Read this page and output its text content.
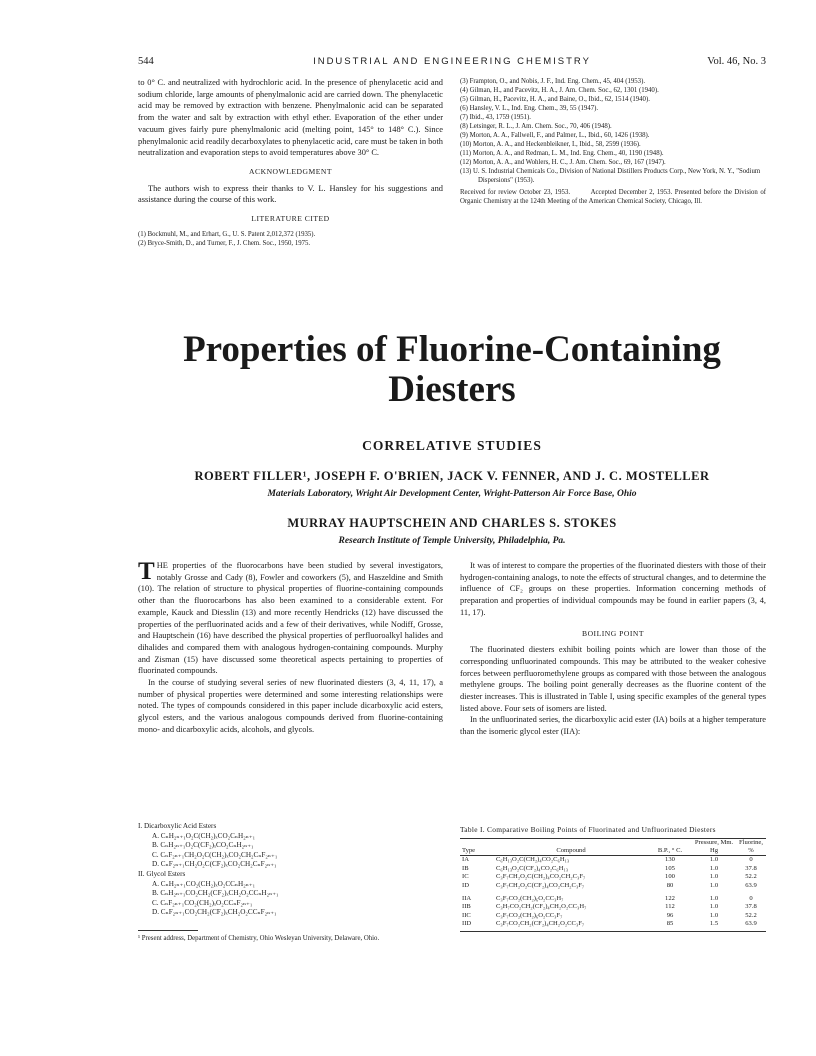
544	INDUSTRIAL AND ENGINEERING CHEMISTRY	Vol. 46, No. 3

to 0° C. and neutralized with hydrochloric acid. In the presence of phenylacetic acid and sodium chloride, large amounts of phenylmalonic acid are carried down. The phenylacetic acid may be removed by extraction with benzene. Phenylmalonic acid can be separated from the water and salt by extraction with ethyl ether. Evaporation of the ether under vacuum gives fairly pure phenylmalonic acid (melting point, 145° to 148° C.). Since phenylmalonic acid readily decarboxylates to phenylacetic acid, care must be taken in both neutralization and evaporation steps to avoid temperatures above 30° C.

ACKNOWLEDGMENT

The authors wish to express their thanks to V. L. Hansley for his suggestions and assistance during the course of this work.

LITERATURE CITED

(1) Bockmuhl, M., and Erhart, G., U. S. Patent 2,012,372 (1935).

(2) Bryce-Smith, D., and Turner, F., J. Chem. Soc., 1950, 1975.

(3) Frampton, O., and Nobis, J. F., Ind. Eng. Chem., 45, 404 (1953).

(4) Gilman, H., and Pacevitz, H. A., J. Am. Chem. Soc., 62, 1301 (1940).

(5) Gilman, H., Pacevitz, H. A., and Baine, O., Ibid., 62, 1514 (1940).

(6) Hansley, V. L., Ind. Eng. Chem., 39, 55 (1947).

(7) Ibid., 43, 1759 (1951).

(8) Letsinger, R. L., J. Am. Chem. Soc., 70, 406 (1948).

(9) Morton, A. A., Fallwell, F., and Palmer, L., Ibid., 60, 1426 (1938).

(10) Morton, A. A., and Heckenbleikner, I., Ibid., 58, 2599 (1936).

(11) Morton, A. A., and Redman, L. M., Ind. Eng. Chem., 40, 1190 (1948).

(12) Morton, A. A., and Wohlers, H. C., J. Am. Chem. Soc., 69, 167 (1947).

(13) U. S. Industrial Chemicals Co., Division of National Distillers Products Corp., New York, N. Y., "Sodium Dispersions" (1953).

Received for review October 23, 1953.	Accepted December 2, 1953. Presented before the Division of Organic Chemistry at the 124th Meeting of the American Chemical Society, Chicago, Ill.

Properties of Fluorine-Containing
Diesters
CORRELATIVE STUDIES
ROBERT FILLER¹, JOSEPH F. O'BRIEN, JACK V. FENNER, AND J. C. MOSTELLER
Materials Laboratory, Wright Air Development Center, Wright-Patterson Air Force Base, Ohio
MURRAY HAUPTSCHEIN AND CHARLES S. STOKES
Research Institute of Temple University, Philadelphia, Pa.

THE properties of the fluorocarbons have been studied by several investigators, notably Grosse and Cady (8), Fowler and coworkers (5), and Haszeldine and Smith (10). The relation of structure to physical properties of fluorine-containing compounds other than the fluorocarbons has also been examined to a considerable extent. For example, Kauck and Diesslin (13) and more recently Hendricks (12) have discussed the properties of the perfluorinated acids and a few of their derivatives, while Nodiff, Grosse, and Hauptschein (16) have described the physical properties of perfluoroalkyl halides and dihalides and compared them with analogous hydrogen-containing compounds. Murphy and Zisman (15) have discussed some theoretical aspects pertaining to properties of fluorinated compounds.

In the course of studying several series of new fluorinated diesters (3, 4, 11, 17), a number of physical properties were determined and some interesting relationships were noted. The types of compounds considered in this paper include dicarboxylic acid esters, glycol esters, and the various analogous compounds derived from fluorine-containing mono- and dicarboxylic acids, alcohols, and glycols.

It was of interest to compare the properties of the fluorinated diesters with those of their hydrogen-containing analogs, to note the effects of structural changes, and to determine the influence of CF₂ groups on these properties. Information concerning methods of preparation and properties of individual compounds may be found in earlier papers (3, 4, 11, 17).

BOILING POINT

The fluorinated diesters exhibit boiling points which are lower than those of the corresponding unfluorinated compounds. This may be attributed to the weaker cohesive forces between perfluoromethylene groups as compared with those between the analogous methylene groups. The boiling point generally decreases as the fluorine content of the diester increases. This is illustrated in Table I, using specific examples of the general types listed above. Four sets of isomers are listed.

In the unfluorinated series, the dicarboxylic acid ester (IA) boils at a higher temperature than the isomeric glycol ester (IIA):

I. Dicarboxylic Acid Esters
A. CₙH₂ₙ₊₁O₂C(CH₂)ₓCO₂CₙH₂ₙ₊₁
B. CₙH₂ₙ₊₁O₂C(CF₂)ₓCO₂CₙH₂ₙ₊₁
C. CₙF₂ₙ₊₁CH₂O₂C(CH₂)ₓCO₂CH₂CₙF₂ₙ₊₁
D. CₙF₂ₙ₊₁CH₂O₂C(CF₂)ₓCO₂CH₂CₙF₂ₙ₊₁
II. Glycol Esters
A. CₙH₂ₙ₊₁CO₂(CH₂)ₓO₂CCₙH₂ₙ₊₁
B. CₙH₂ₙ₊₁CO₂CH₂(CF₂)ₓCH₂O₂CCₙH₂ₙ₊₁
C. CₙF₂ₙ₊₁CO₂(CH₂)ₓO₂CCₙF₂ₙ₊₁
D. CₙF₂ₙ₊₁CO₂CH₂(CF₂)ₓCH₂O₂CCₙF₂ₙ₊₁
¹ Present address, Department of Chemistry, Ohio Wesleyan University, Delaware, Ohio.
Table I. Comparative Boiling Points of Fluorinated and Unfluorinated Diesters
Type	Compound	B.P., ° C.	Pressure, Mm. Hg	Fluorine, %

IA	C₆H₁₃O₂C(CH₂)₄CO₂C₆H₁₃	130	1.0	0
IB	C₆H₁₃O₂C(CF₂)₄CO₂C₆H₁₃	105	1.0	37.8
IC	C₃F₇CH₂O₂C(CH₂)₄CO₂CH₂C₃F₇	100	1.0	52.2
ID	C₃F₇CH₂O₂C(CF₂)₄CO₂CH₂C₃F₇	80	1.0	63.9

IIA	C₃F₇CO₂(CH₂)₆O₂CC₃H₇	122	1.0	0
IIB	C₃H₇CO₂CH₂(CF₂)₄CH₂O₂CC₃H₇	112	1.0	37.8
IIC	C₃F₇CO₂(CH₂)₆O₂CC₃F₇	96	1.0	52.2
IID	C₃F₇CO₂CH₂(CF₂)₄CH₂O₂CC₃F₇	85	1.5	63.9
